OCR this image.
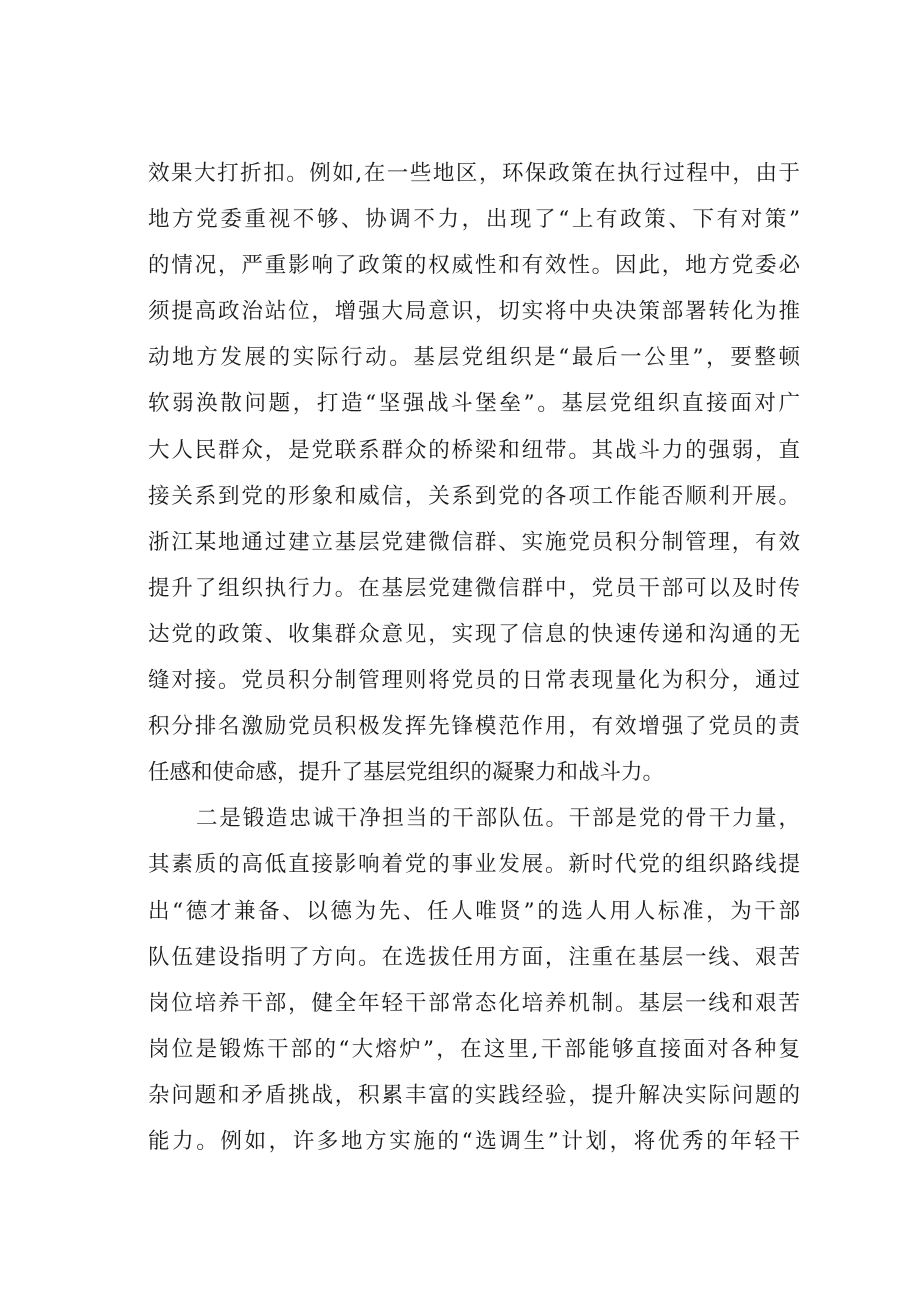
效果大打折扣。例如,在一些地区，环保政策在执行过程中，由于
地方党委重视不够、协调不力，出现了“上有政策、下有对策”
的情况，严重影响了政策的权威性和有效性。因此，地方党委必
须提高政治站位，增强大局意识，切实将中央决策部署转化为推
动地方发展的实际行动。基层党组织是“最后一公里”，要整顿
软弱涣散问题，打造“坚强战斗堡垒”。基层党组织直接面对广
大人民群众，是党联系群众的桥梁和纽带。其战斗力的强弱，直
接关系到党的形象和威信，关系到党的各项工作能否顺利开展。
浙江某地通过建立基层党建微信群、实施党员积分制管理，有效
提升了组织执行力。在基层党建微信群中，党员干部可以及时传
达党的政策、收集群众意见，实现了信息的快速传递和沟通的无
缝对接。党员积分制管理则将党员的日常表现量化为积分，通过
积分排名激励党员积极发挥先锋模范作用，有效增强了党员的责
任感和使命感，提升了基层党组织的凝聚力和战斗力。
二是锻造忠诚干净担当的干部队伍。干部是党的骨干力量，
其素质的高低直接影响着党的事业发展。新时代党的组织路线提
出“德才兼备、以德为先、任人唯贤”的选人用人标准，为干部
队伍建设指明了方向。在选拔任用方面，注重在基层一线、艰苦
岗位培养干部，健全年轻干部常态化培养机制。基层一线和艰苦
岗位是锻炼干部的“大熔炉”，在这里,干部能够直接面对各种复
杂问题和矛盾挑战，积累丰富的实践经验，提升解决实际问题的
能力。例如，许多地方实施的“选调生”计划，将优秀的年轻干
